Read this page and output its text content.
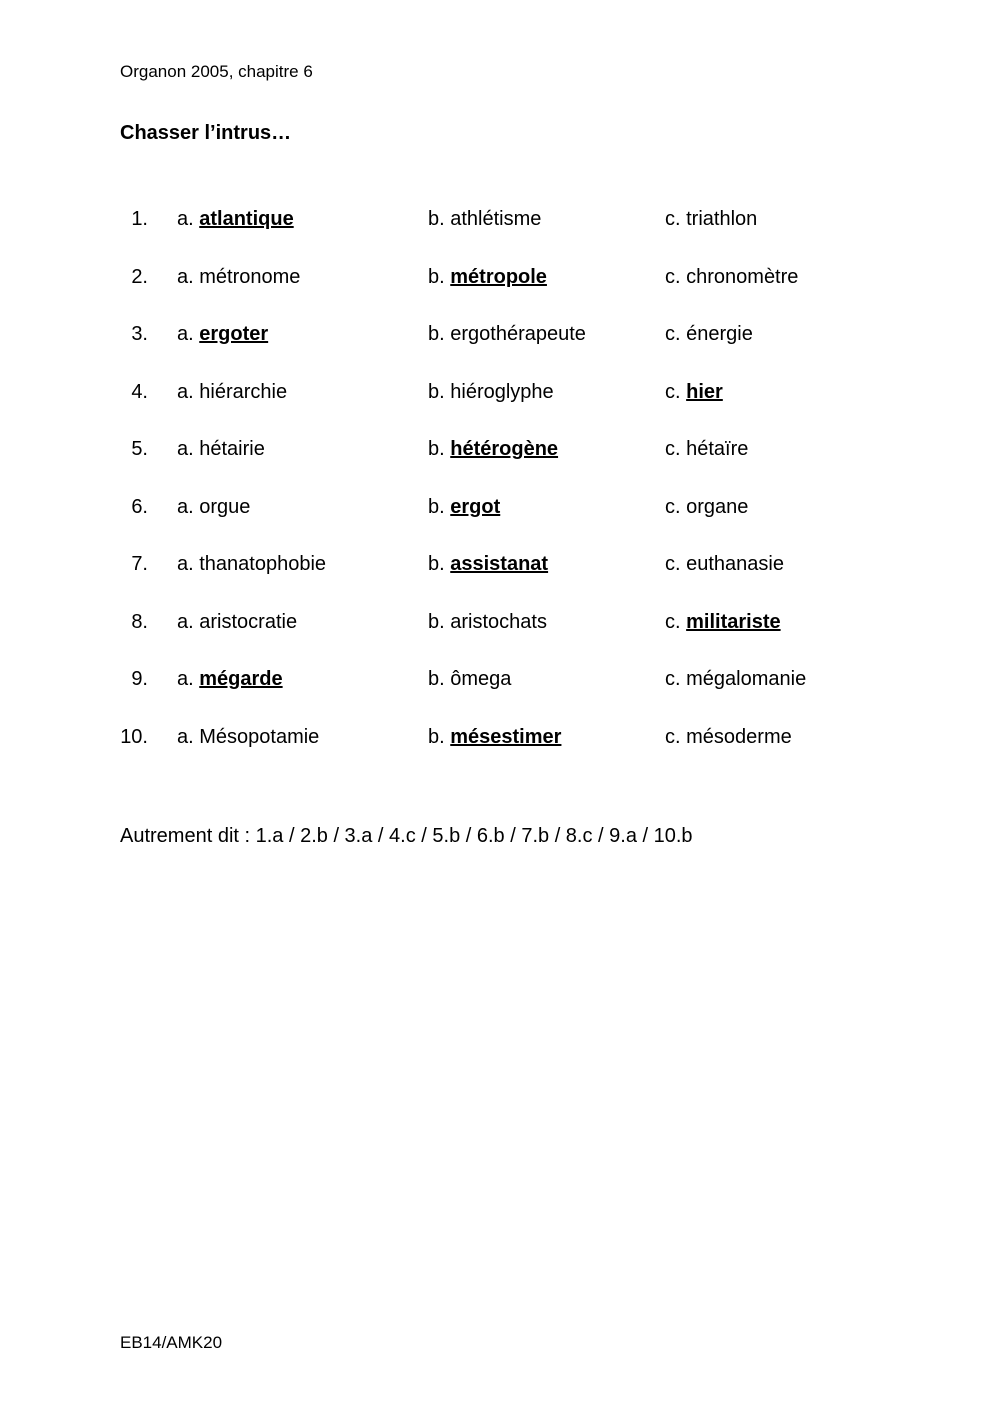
Organon 2005, chapitre 6
Chasser l’intrus…
1. a. atlantique	b. athlétisme	c. triathlon
2. a. métronome	b. métropole	c. chronomètre
3. a. ergoter	b. ergothérapeute	c. énergie
4. a. hiérarchie	b. hiéroglyphe	c. hier
5. a. hétairie	b. hétérogène	c. hétaïre
6. a. orgue	b. ergot	c. organe
7. a. thanatophobie	b. assistanat	c. euthanasie
8. a. aristocratie	b. aristochats	c. militariste
9. a. mégarde	b. ômega	c. mégalomanie
10. a. Mésopotamie	b. mésestimer	c. mésoderme
Autrement dit : 1.a / 2.b / 3.a / 4.c / 5.b / 6.b / 7.b / 8.c / 9.a / 10.b
EB14/AMK20
